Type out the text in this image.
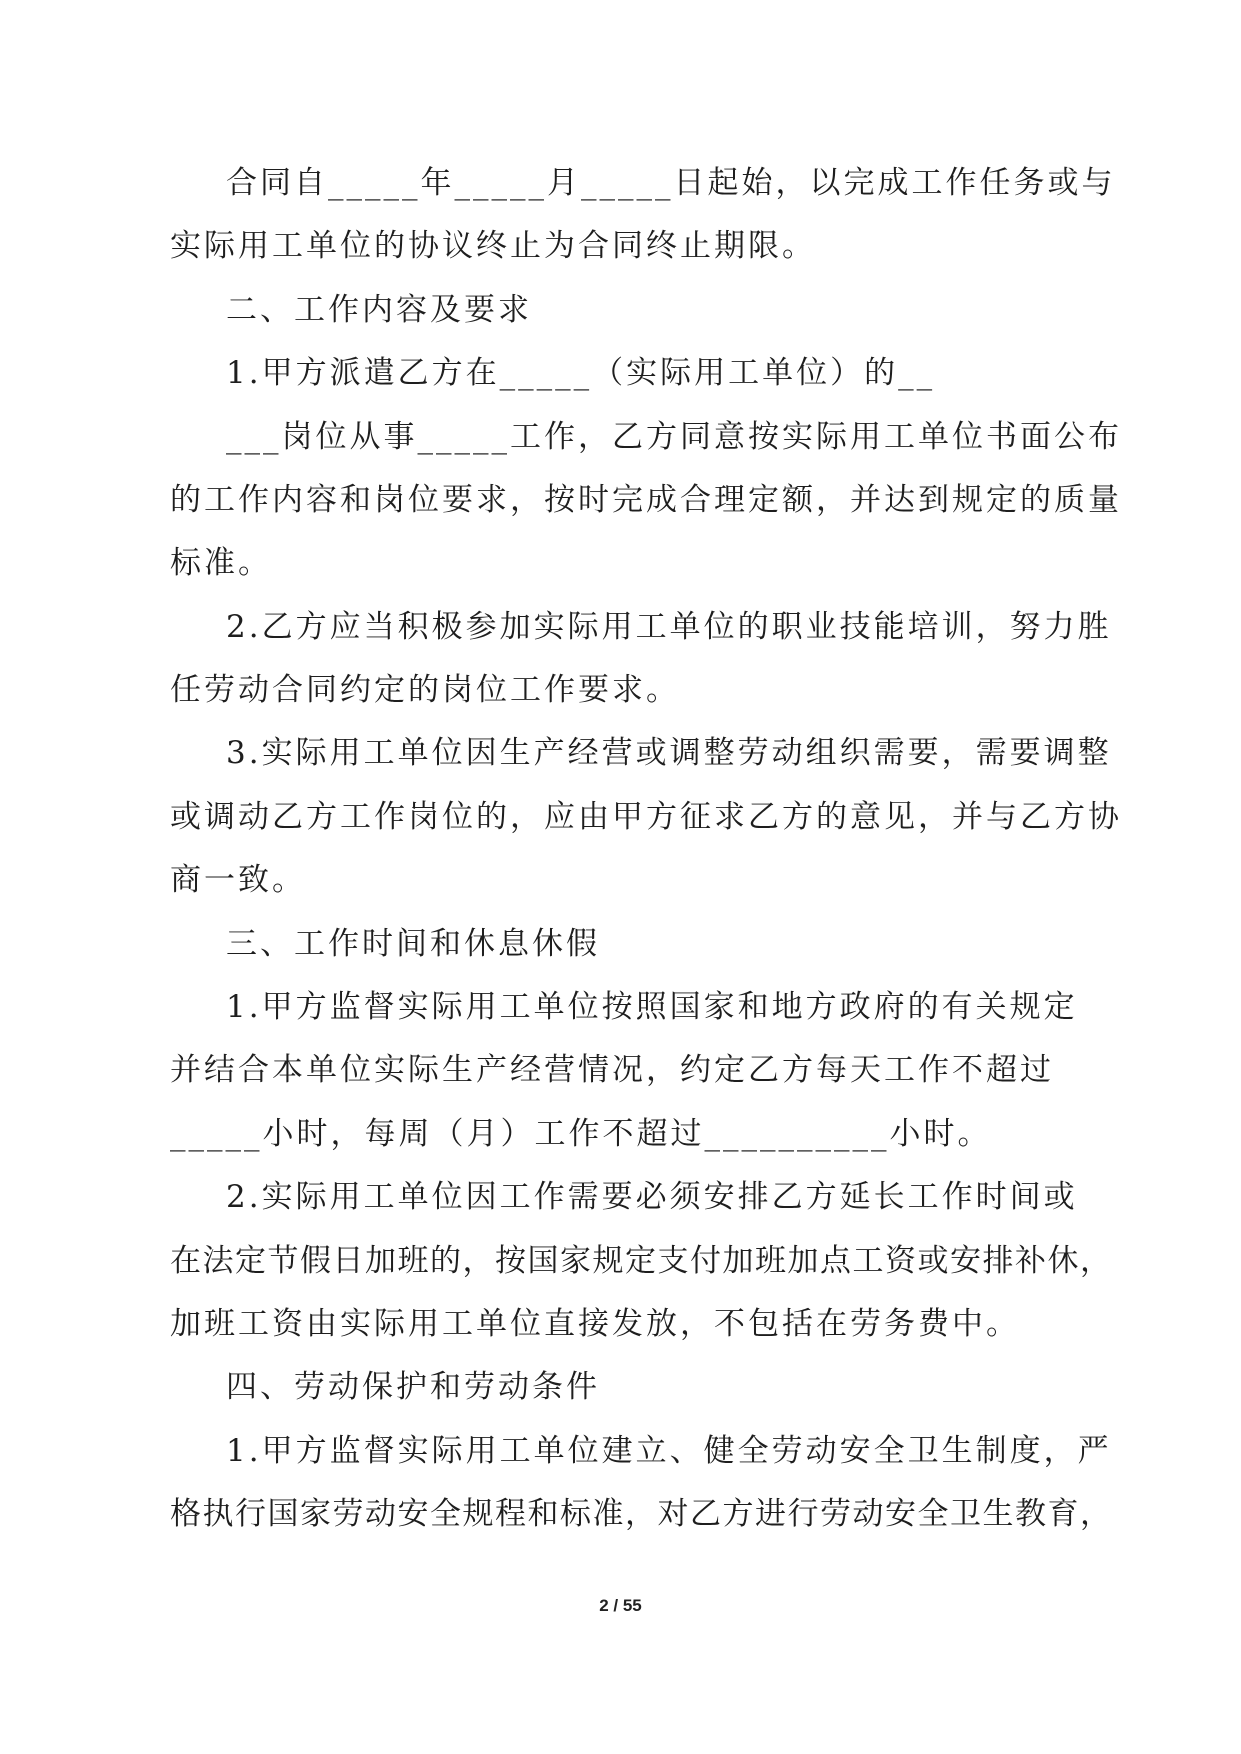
合同自_____年_____月_____日起始，以完成工作任务或与
实际用工单位的协议终止为合同终止期限。
二、工作内容及要求
1.甲方派遣乙方在_____（实际用工单位）的__
___岗位从事_____工作，乙方同意按实际用工单位书面公布
的工作内容和岗位要求，按时完成合理定额，并达到规定的质量
标准。
2.乙方应当积极参加实际用工单位的职业技能培训，努力胜
任劳动合同约定的岗位工作要求。
3.实际用工单位因生产经营或调整劳动组织需要，需要调整
或调动乙方工作岗位的，应由甲方征求乙方的意见，并与乙方协
商一致。
三、工作时间和休息休假
1.甲方监督实际用工单位按照国家和地方政府的有关规定
并结合本单位实际生产经营情况，约定乙方每天工作不超过
_____小时，每周（月）工作不超过__________小时。
2.实际用工单位因工作需要必须安排乙方延长工作时间或
在法定节假日加班的，按国家规定支付加班加点工资或安排补休，
加班工资由实际用工单位直接发放，不包括在劳务费中。
四、劳动保护和劳动条件
1.甲方监督实际用工单位建立、健全劳动安全卫生制度，严
格执行国家劳动安全规程和标准，对乙方进行劳动安全卫生教育，
2 / 55
